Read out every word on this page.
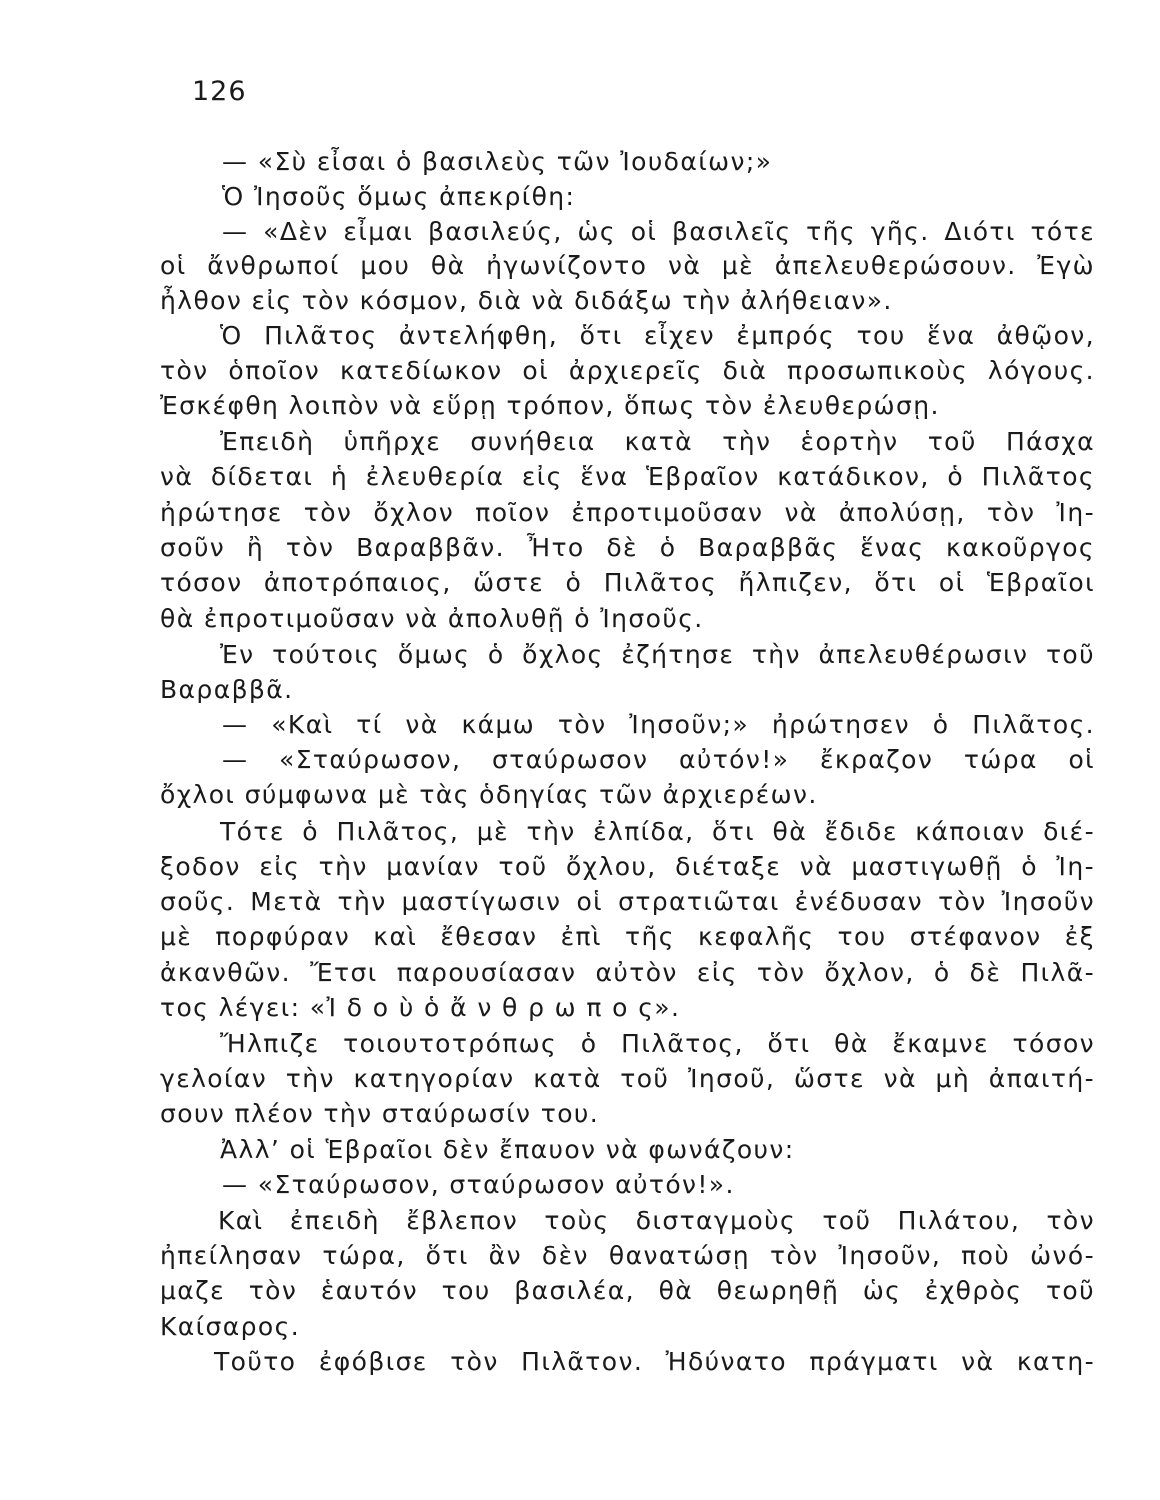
126
— «Σὺ εἶσαι ὁ βασιλεὺς τῶν Ἰουδαίων;»
Ὁ Ἰησοῦς ὅμως ἀπεκρίθη:
— «Δὲν εἶμαι βασιλεύς, ὡς οἱ βασιλεῖς τῆς γῆς. Διότι τότε
οἱ ἄνθρωποί μου θὰ ἠγωνίζοντο νὰ μὲ ἀπελευθερώσουν. Ἐγὼ
ἦλθον εἰς τὸν κόσμον, διὰ νὰ διδάξω τὴν ἀλήθειαν».
Ὁ Πιλᾶτος ἀντελήφθη, ὅτι εἶχεν ἐμπρός του ἕνα ἀθῷον,
τὸν ὁποῖον κατεδίωκον οἱ ἀρχιερεῖς διὰ προσωπικοὺς λόγους.
Ἐσκέφθη λοιπὸν νὰ εὕρῃ τρόπον, ὅπως τὸν ἐλευθερώσῃ.
Ἐπειδὴ ὑπῆρχε συνήθεια κατὰ τὴν ἑορτὴν τοῦ Πάσχα
νὰ δίδεται ἡ ἐλευθερία εἰς ἕνα Ἑβραῖον κατάδικον, ὁ Πιλᾶτος
ἠρώτησε τὸν ὄχλον ποῖον ἐπροτιμοῦσαν νὰ ἀπολύσῃ, τὸν Ἰη-
σοῦν ἢ τὸν Βαραββᾶν. Ἦτο δὲ ὁ Βαραββᾶς ἕνας κακοῦργος
τόσον ἀποτρόπαιος, ὥστε ὁ Πιλᾶτος ἤλπιζεν, ὅτι οἱ Ἑβραῖοι
θὰ ἐπροτιμοῦσαν νὰ ἀπολυθῇ ὁ Ἰησοῦς.
Ἐν τούτοις ὅμως ὁ ὄχλος ἐζήτησε τὴν ἀπελευθέρωσιν τοῦ
Βαραββᾶ.
— «Καὶ τί νὰ κάμω τὸν Ἰησοῦν;» ἠρώτησεν ὁ Πιλᾶτος.
— «Σταύρωσον, σταύρωσον αὐτόν!» ἔκραζον τώρα οἱ
ὄχλοι σύμφωνα μὲ τὰς ὁδηγίας τῶν ἀρχιερέων.
Τότε ὁ Πιλᾶτος, μὲ τὴν ἐλπίδα, ὅτι θὰ ἔδιδε κάποιαν διέ-
ξοδον εἰς τὴν μανίαν τοῦ ὄχλου, διέταξε νὰ μαστιγωθῇ ὁ Ἰη-
σοῦς. Μετὰ τὴν μαστίγωσιν οἱ στρατιῶται ἐνέδυσαν τὸν Ἰησοῦν
μὲ πορφύραν καὶ ἔθεσαν ἐπὶ τῆς κεφαλῆς του στέφανον ἐξ
ἀκανθῶν. Ἔτσι παρουσίασαν αὐτὸν εἰς τὸν ὄχλον, ὁ δὲ Πιλᾶ-
τος λέγει: «Ἰ δ ο ὺ ὁ ἄ ν θ ρ ω π ο ς».
Ἤλπιζε τοιουτοτρόπως ὁ Πιλᾶτος, ὅτι θὰ ἔκαμνε τόσον
γελοίαν τὴν κατηγορίαν κατὰ τοῦ Ἰησοῦ, ὥστε νὰ μὴ ἀπαιτή-
σουν πλέον τὴν σταύρωσίν του.
Ἀλλ’ οἱ Ἑβραῖοι δὲν ἔπαυον νὰ φωνάζουν:
— «Σταύρωσον, σταύρωσον αὐτόν!».
Καὶ ἐπειδὴ ἔβλεπον τοὺς δισταγμοὺς τοῦ Πιλάτου, τὸν
ἠπείλησαν τώρα, ὅτι ἂν δὲν θανατώσῃ τὸν Ἰησοῦν, ποὺ ὠνό-
μαζε τὸν ἑαυτόν του βασιλέα, θὰ θεωρηθῇ ὡς ἐχθρὸς τοῦ
Καίσαρος.
Τοῦτο ἐφόβισε τὸν Πιλᾶτον. Ἠδύνατο πράγματι νὰ κατη-
